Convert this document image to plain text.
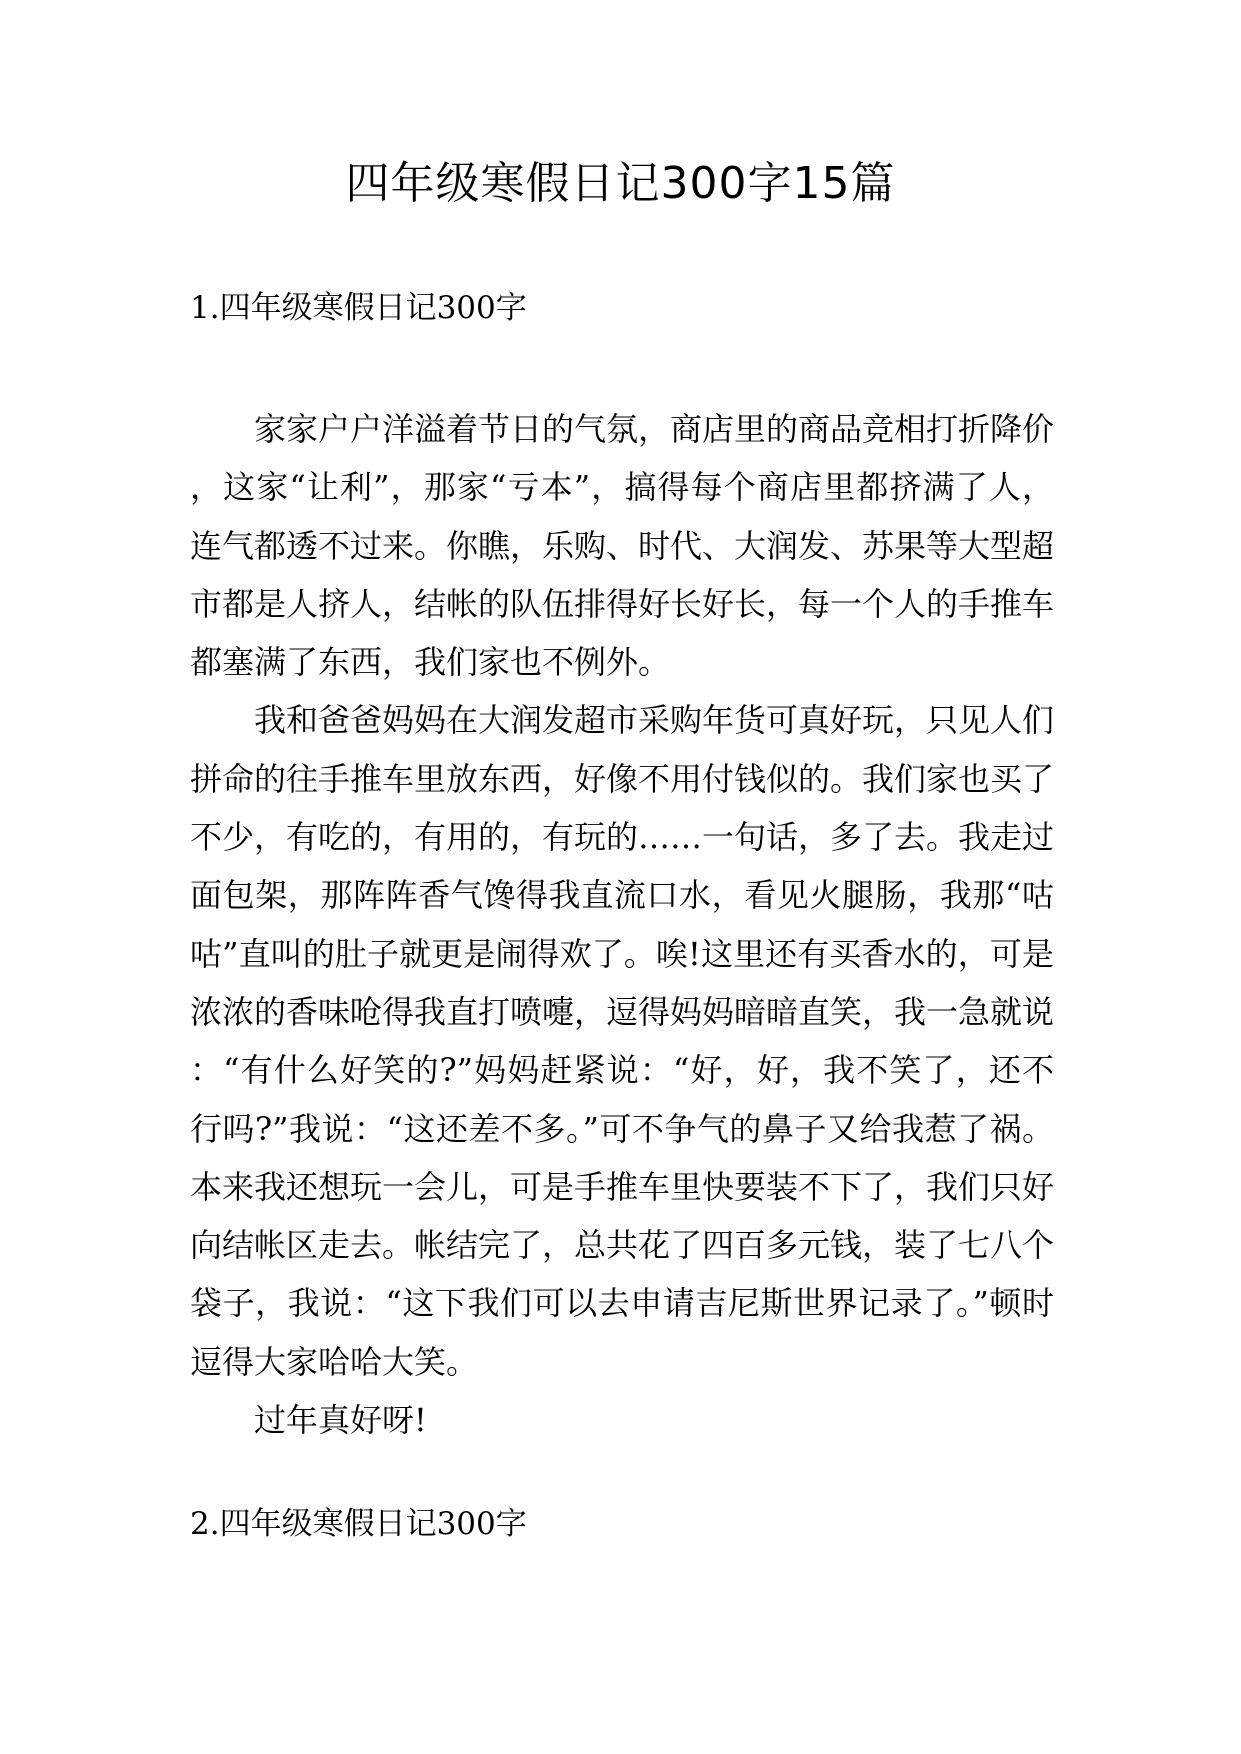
四年级寒假日记300字15篇
1.四年级寒假日记300字

家家户户洋溢着节日的气氛，商店里的商品竞相打折降价，这家“让利”，那家“亏本”，搞得每个商店里都挤满了人，连气都透不过来。你瞧，乐购、时代、大润发、苏果等大型超市都是人挤人，结帐的队伍排得好长好长，每一个人的手推车都塞满了东西，我们家也不例外。

我和爸爸妈妈在大润发超市采购年货可真好玩，只见人们拼命的往手推车里放东西，好像不用付钱似的。我们家也买了不少，有吃的，有用的，有玩的……一句话，多了去。我走过面包架，那阵阵香气馋得我直流口水，看见火腿肠，我那“咕咕”直叫的肚子就更是闹得欢了。唉!这里还有买香水的，可是浓浓的香味呛得我直打喷嚏，逗得妈妈暗暗直笑，我一急就说：“有什么好笑的?”妈妈赶紧说：“好，好，我不笑了，还不行吗?”我说：“这还差不多。”可不争气的鼻子又给我惹了祸。本来我还想玩一会儿，可是手推车里快要装不下了，我们只好向结帐区走去。帐结完了，总共花了四百多元钱，装了七八个袋子，我说：“这下我们可以去申请吉尼斯世界记录了。”顿时逗得大家哈哈大笑。

过年真好呀!

2.四年级寒假日记300字
